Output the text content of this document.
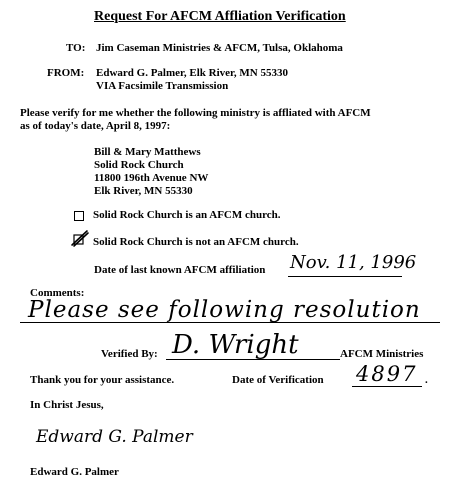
Request For AFCM Affliation Verification
TO: Jim Caseman Ministries & AFCM, Tulsa, Oklahoma
FROM: Edward G. Palmer, Elk River, MN 55330
VIA Facsimile Transmission
Please verify for me whether the following ministry is affliated with AFCM
as of today's date, April 8, 1997:
Bill & Mary Matthews
Solid Rock Church
11800 196th Avenue NW
Elk River, MN 55330
Solid Rock Church is an AFCM church.
Solid Rock Church is not an AFCM church.
Date of last known AFCM affiliation Nov. 11, 1996
Comments:
Please see following resolution
Verified By: D. Wright	AFCM Ministries
Thank you for your assistance.	Date of Verification 4897 .
In Christ Jesus,
Edward G. Palmer
Edward G. Palmer
